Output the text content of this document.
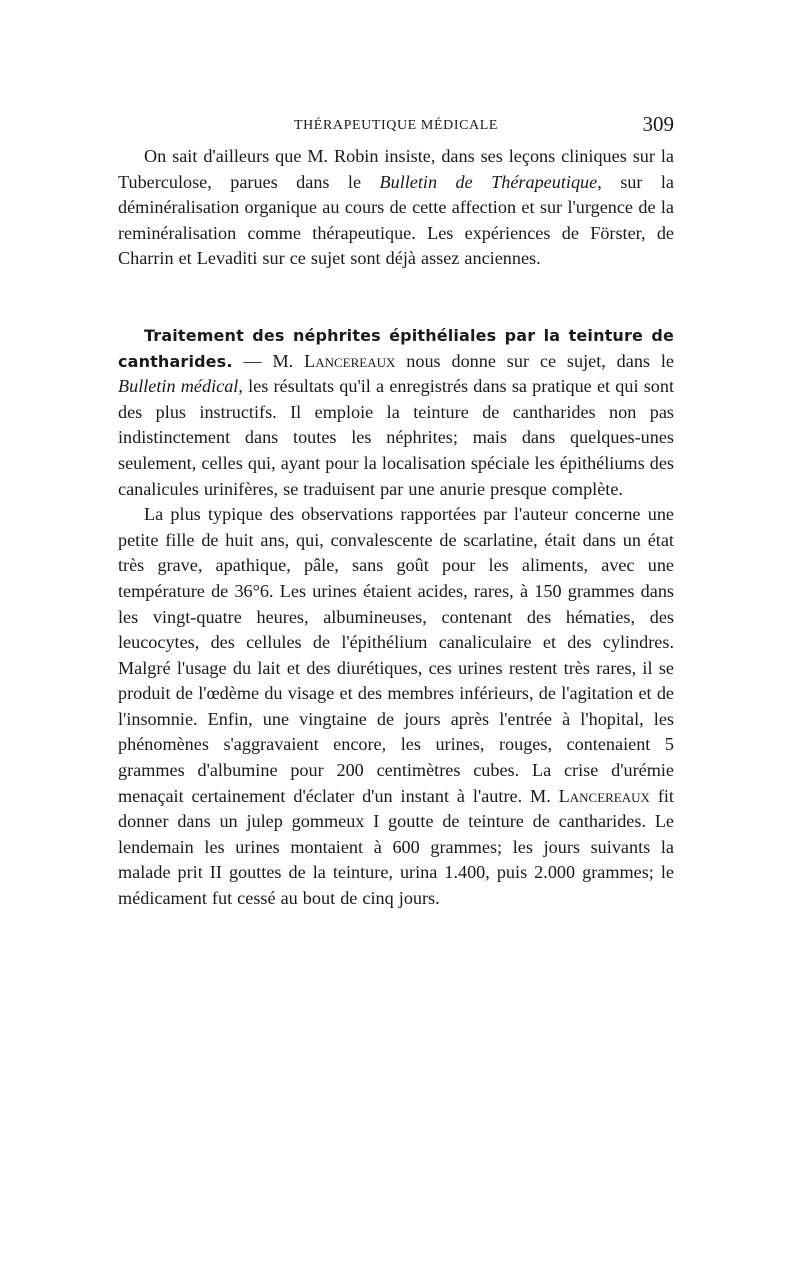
THÉRAPEUTIQUE MÉDICALE	309

On sait d'ailleurs que M. Robin insiste, dans ses leçons cliniques sur la Tuberculose, parues dans le Bulletin de Thérapeutique, sur la déminéralisation organique au cours de cette affection et sur l'urgence de la reminéralisation comme thérapeutique. Les expériences de Förster, de Charrin et Levaditi sur ce sujet sont déjà assez anciennes.

Traitement des néphrites épithéliales par la teinture de cantharides. — M. Lancereaux nous donne sur ce sujet, dans le Bulletin médical, les résultats qu'il a enregistrés dans sa pratique et qui sont des plus instructifs. Il emploie la teinture de cantharides non pas indistinctement dans toutes les néphrites; mais dans quelques-unes seulement, celles qui, ayant pour la localisation spéciale les épithéliums des canalicules urinifères, se traduisent par une anurie presque complète.

La plus typique des observations rapportées par l'auteur concerne une petite fille de huit ans, qui, convalescente de scarlatine, était dans un état très grave, apathique, pâle, sans goût pour les aliments, avec une température de 36°6. Les urines étaient acides, rares, à 150 grammes dans les vingt-quatre heures, albumineuses, contenant des hématies, des leucocytes, des cellules de l'épithélium canaliculaire et des cylindres. Malgré l'usage du lait et des diurétiques, ces urines restent très rares, il se produit de l'œdème du visage et des membres inférieurs, de l'agitation et de l'insomnie. Enfin, une vingtaine de jours après l'entrée à l'hopital, les phénomènes s'aggravaient encore, les urines, rouges, contenaient 5 grammes d'albumine pour 200 centimètres cubes. La crise d'urémie menaçait certainement d'éclater d'un instant à l'autre. M. Lancereaux fit donner dans un julep gommeux I goutte de teinture de cantharides. Le lendemain les urines montaient à 600 grammes; les jours suivants la malade prit II gouttes de la teinture, urina 1.400, puis 2.000 grammes; le médicament fut cessé au bout de cinq jours.
